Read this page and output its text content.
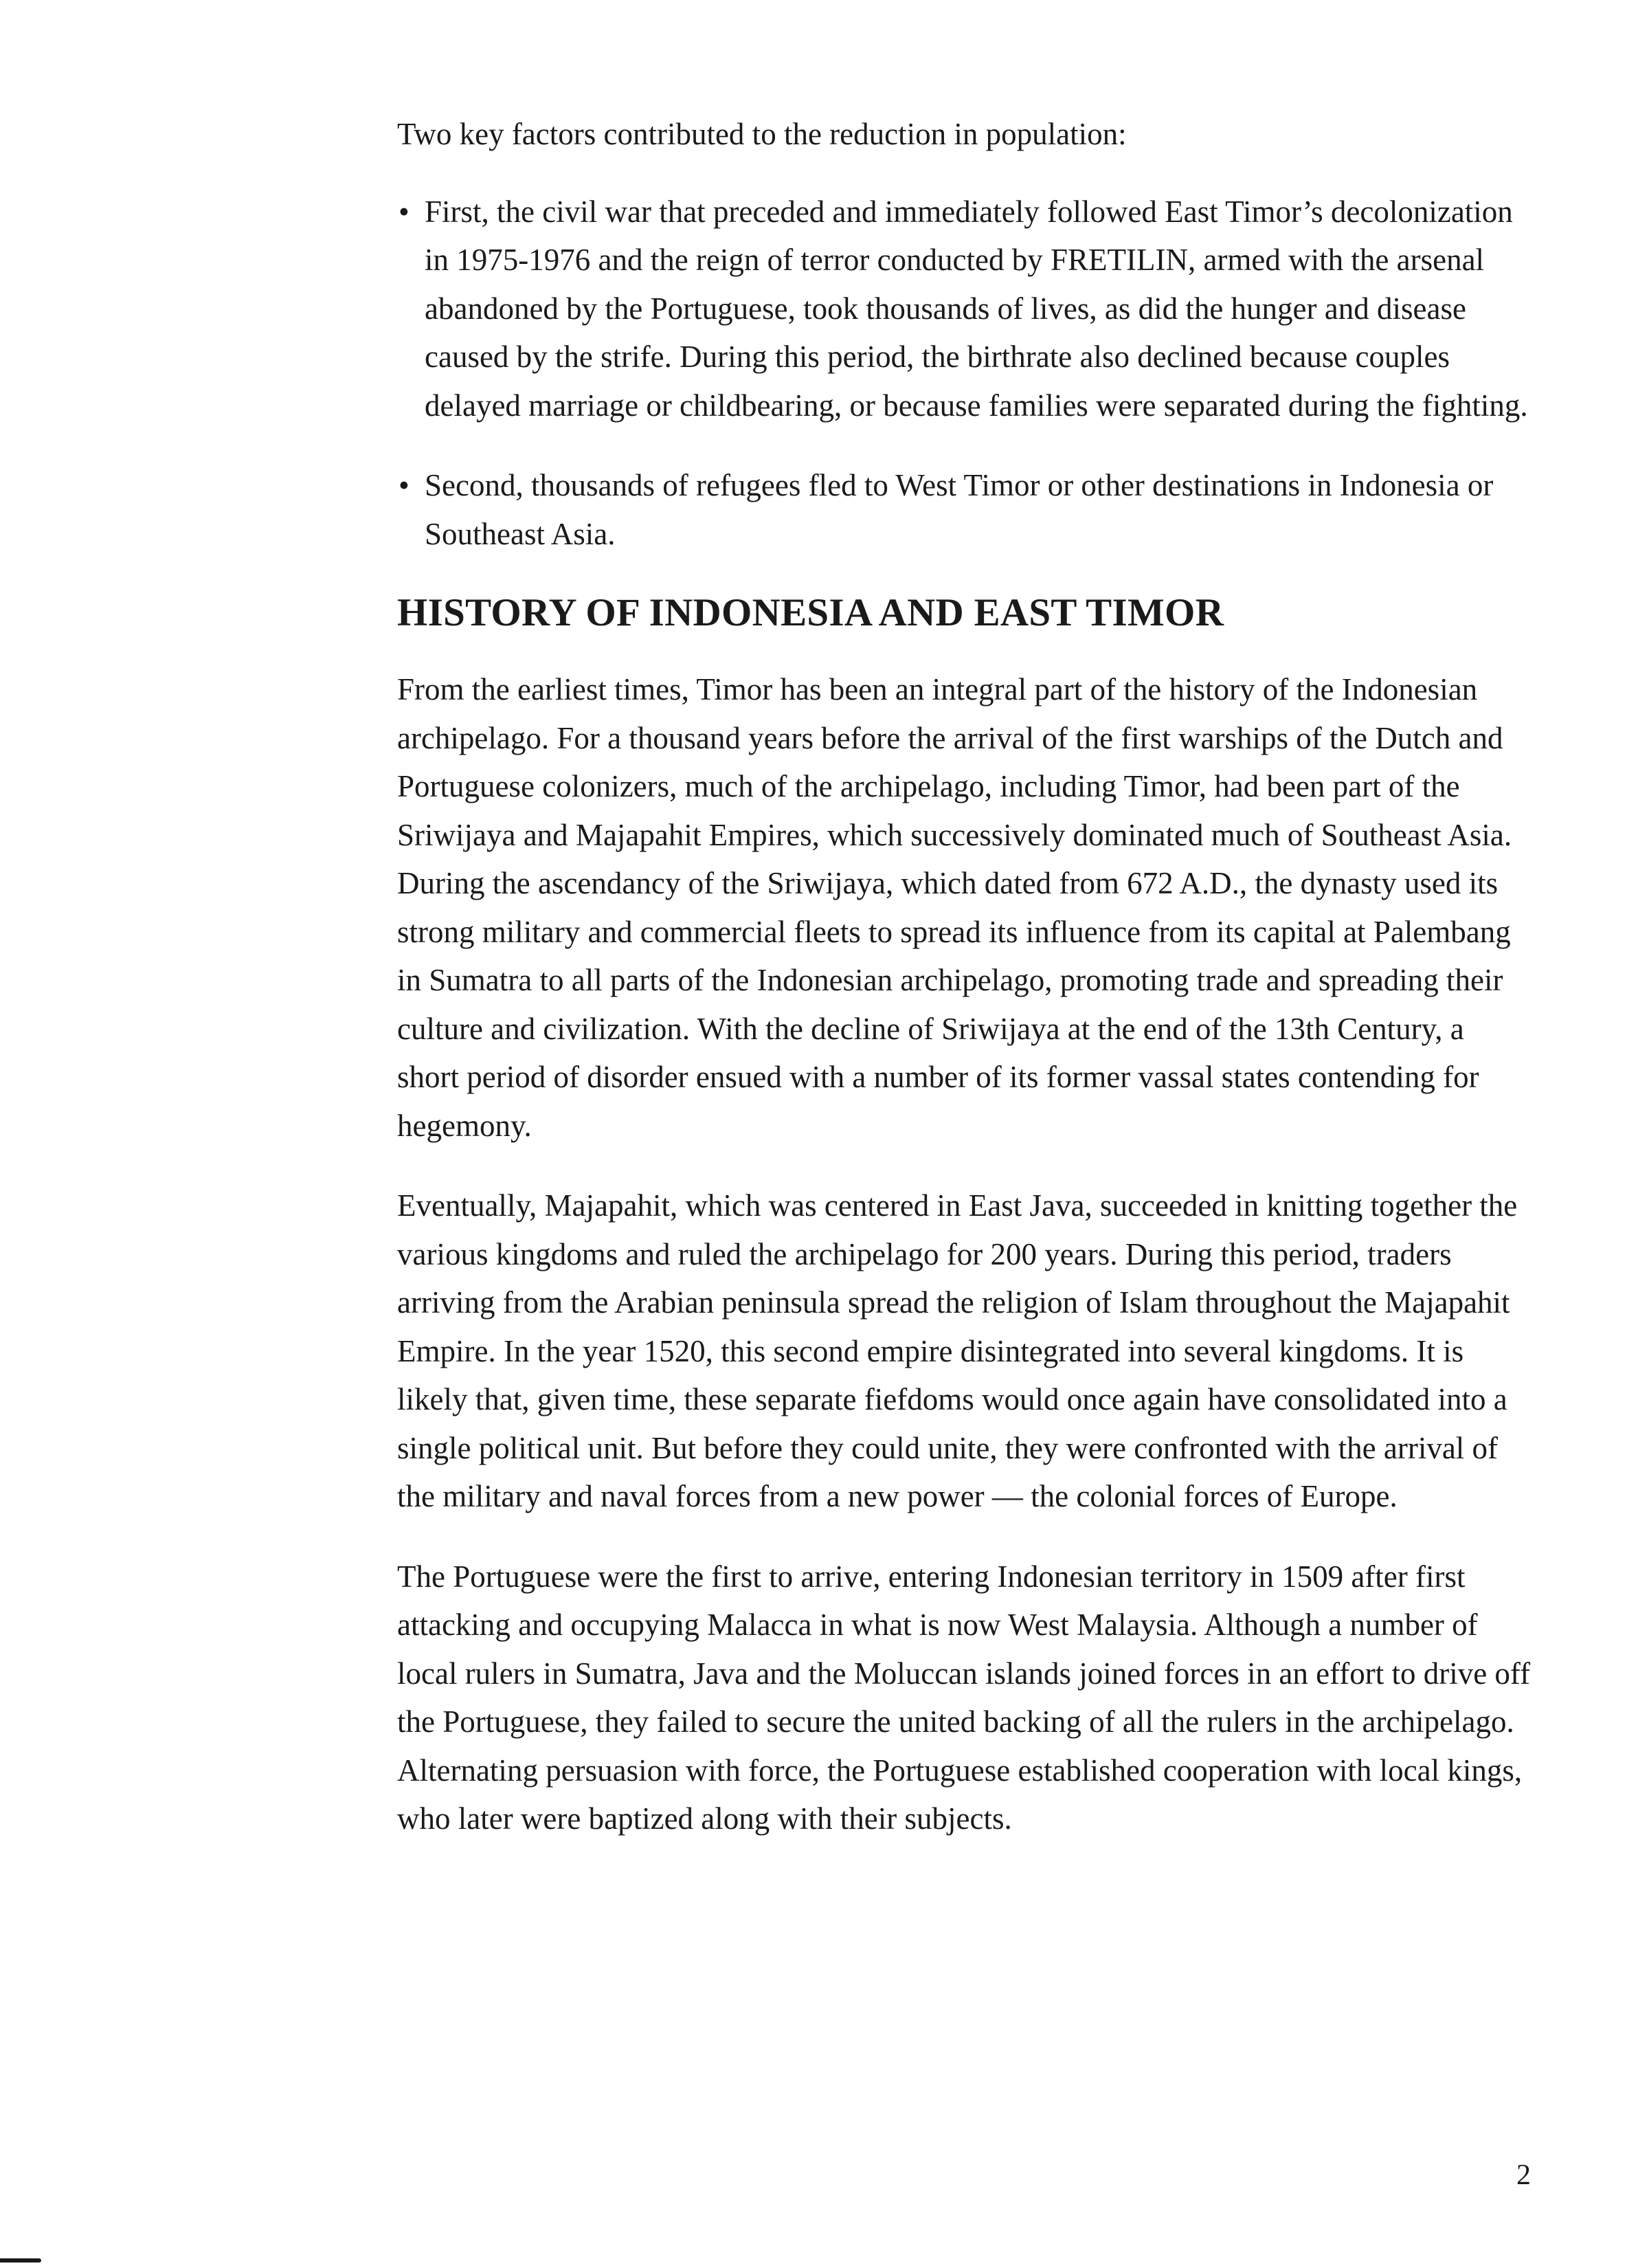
Two key factors contributed to the reduction in population:

• First, the civil war that preceded and immediately followed East Timor’s decolonization in 1975-1976 and the reign of terror conducted by FRETILIN, armed with the arsenal abandoned by the Portuguese, took thousands of lives, as did the hunger and disease caused by the strife. During this period, the birthrate also declined because couples delayed marriage or childbearing, or because families were separated during the fighting.
• Second, thousands of refugees fled to West Timor or other destinations in Indonesia or Southeast Asia.
HISTORY OF INDONESIA AND EAST TIMOR

From the earliest times, Timor has been an integral part of the history of the Indonesian archipelago. For a thousand years before the arrival of the first warships of the Dutch and Portuguese colonizers, much of the archipelago, including Timor, had been part of the Sriwijaya and Majapahit Empires, which successively dominated much of Southeast Asia. During the ascendancy of the Sriwijaya, which dated from 672 A.D., the dynasty used its strong military and commercial fleets to spread its influence from its capital at Palembang in Sumatra to all parts of the Indonesian archipelago, promoting trade and spreading their culture and civilization. With the decline of Sriwijaya at the end of the 13th Century, a short period of disorder ensued with a number of its former vassal states contending for hegemony.

Eventually, Majapahit, which was centered in East Java, succeeded in knitting together the various kingdoms and ruled the archipelago for 200 years. During this period, traders arriving from the Arabian peninsula spread the religion of Islam throughout the Majapahit Empire. In the year 1520, this second empire disintegrated into several kingdoms. It is likely that, given time, these separate fiefdoms would once again have consolidated into a single political unit. But before they could unite, they were confronted with the arrival of the military and naval forces from a new power — the colonial forces of Europe.

The Portuguese were the first to arrive, entering Indonesian territory in 1509 after first attacking and occupying Malacca in what is now West Malaysia. Although a number of local rulers in Sumatra, Java and the Moluccan islands joined forces in an effort to drive off the Portuguese, they failed to secure the united backing of all the rulers in the archipelago. Alternating persuasion with force, the Portuguese established cooperation with local kings, who later were baptized along with their subjects.

2
